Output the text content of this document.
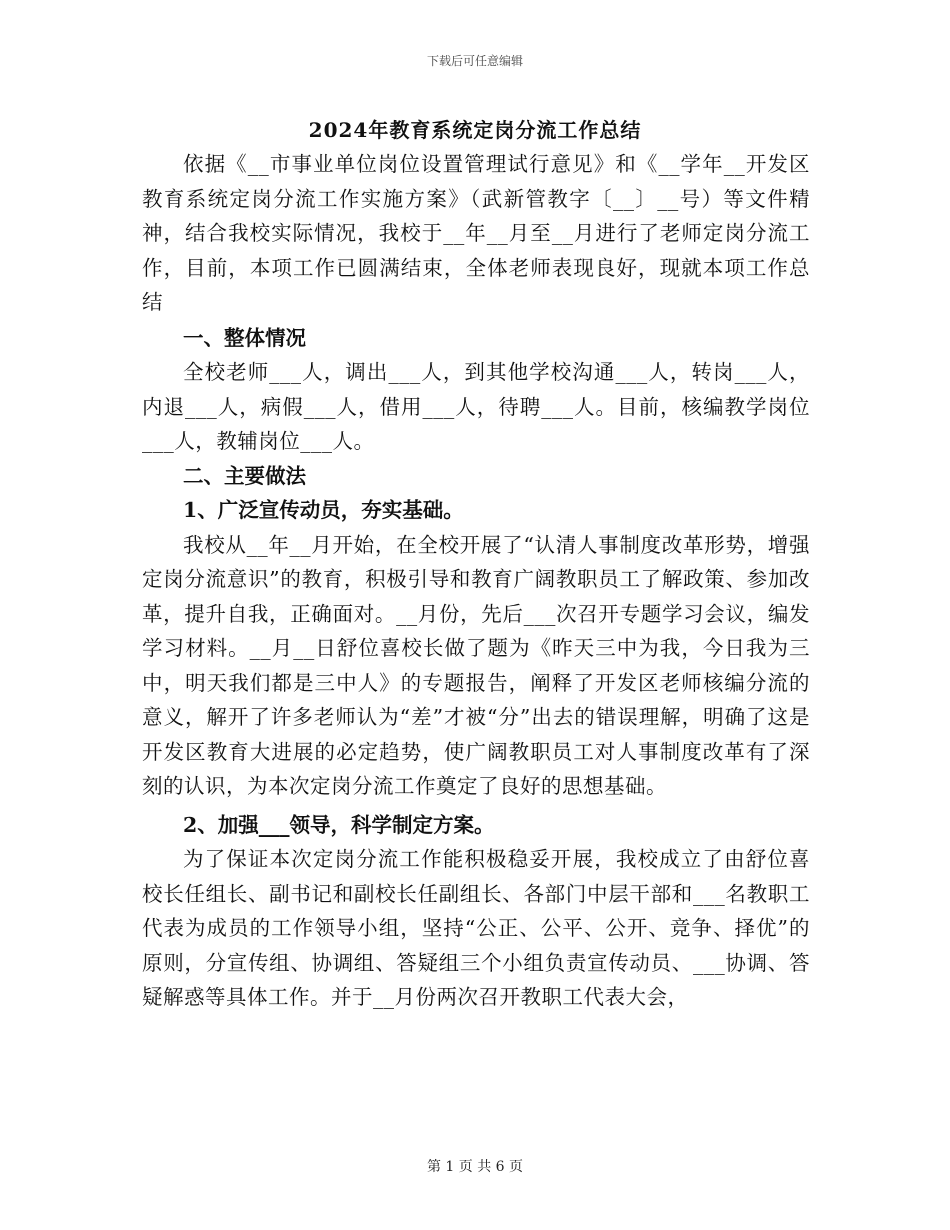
下载后可任意编辑
2024年教育系统定岗分流工作总结

依据《__市事业单位岗位设置管理试行意见》和《__学年__开发区教育系统定岗分流工作实施方案》（武新管教字〔__〕__号）等文件精神，结合我校实际情况，我校于__年__月至__月进行了老师定岗分流工作，目前，本项工作已圆满结束，全体老师表现良好，现就本项工作总结

一、整体情况

全校老师___人，调出___人，到其他学校沟通___人，转岗___人，内退___人，病假___人，借用___人，待聘___人。目前，核编教学岗位___人，教辅岗位___人。

二、主要做法

1、广泛宣传动员，夯实基础。

我校从__年__月开始，在全校开展了“认清人事制度改革形势，增强定岗分流意识”的教育，积极引导和教育广阔教职员工了解政策、参加改革，提升自我，正确面对。__月份，先后___次召开专题学习会议，编发学习材料。__月__日舒位喜校长做了题为《昨天三中为我，今日我为三中，明天我们都是三中人》的专题报告，阐释了开发区老师核编分流的意义，解开了许多老师认为“差”才被“分”出去的错误理解，明确了这是开发区教育大进展的必定趋势，使广阔教职员工对人事制度改革有了深刻的认识，为本次定岗分流工作奠定了良好的思想基础。

2、加强___领导，科学制定方案。

为了保证本次定岗分流工作能积极稳妥开展，我校成立了由舒位喜校长任组长、副书记和副校长任副组长、各部门中层干部和___名教职工代表为成员的工作领导小组，坚持“公正、公平、公开、竞争、择优”的原则，分宣传组、协调组、答疑组三个小组负责宣传动员、___协调、答疑解惑等具体工作。并于__月份两次召开教职工代表大会，

第 1 页 共 6 页
